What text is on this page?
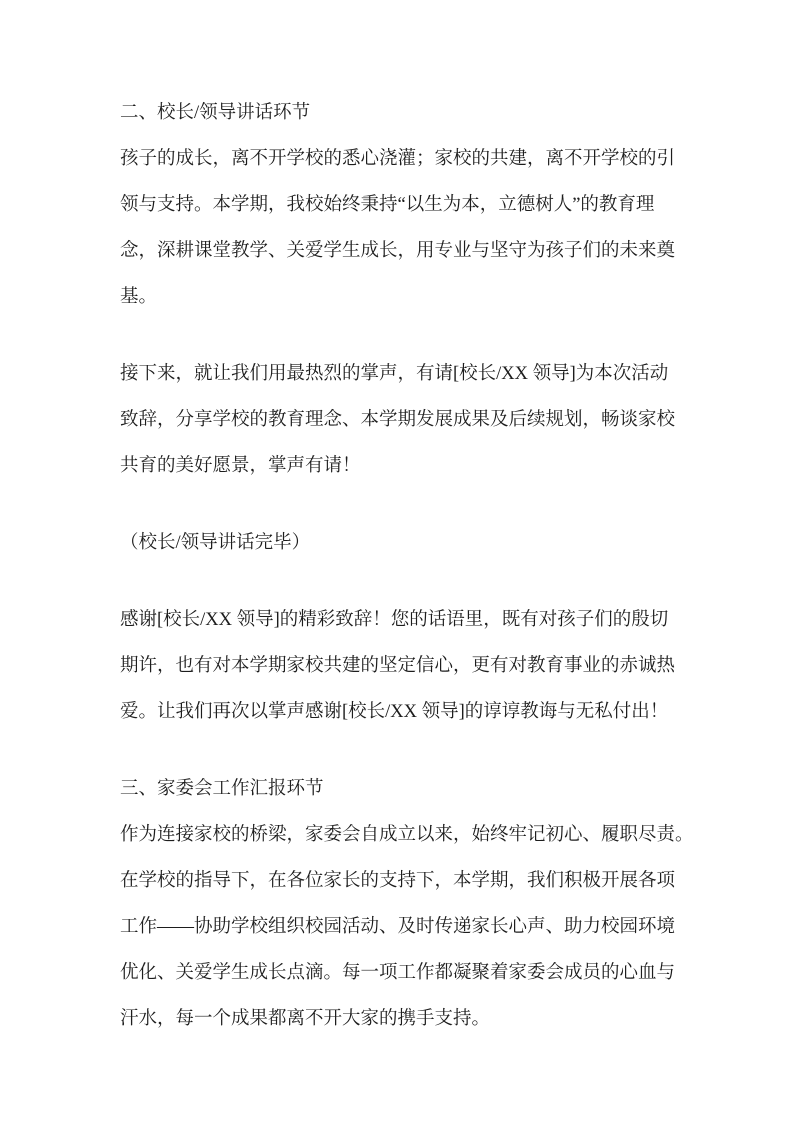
二、校长/领导讲话环节
孩子的成长，离不开学校的悉心浇灌；家校的共建，离不开学校的引
领与支持。本学期，我校始终秉持“以生为本，立德树人”的教育理
念，深耕课堂教学、关爱学生成长，用专业与坚守为孩子们的未来奠
基。
接下来，就让我们用最热烈的掌声，有请[校长/XX 领导]为本次活动
致辞，分享学校的教育理念、本学期发展成果及后续规划，畅谈家校
共育的美好愿景，掌声有请！
（校长/领导讲话完毕）
感谢[校长/XX 领导]的精彩致辞！您的话语里，既有对孩子们的殷切
期许，也有对本学期家校共建的坚定信心，更有对教育事业的赤诚热
爱。让我们再次以掌声感谢[校长/XX 领导]的谆谆教诲与无私付出！
三、家委会工作汇报环节
作为连接家校的桥梁，家委会自成立以来，始终牢记初心、履职尽责。
在学校的指导下，在各位家长的支持下，本学期，我们积极开展各项
工作——协助学校组织校园活动、及时传递家长心声、助力校园环境
优化、关爱学生成长点滴。每一项工作都凝聚着家委会成员的心血与
汗水，每一个成果都离不开大家的携手支持。
